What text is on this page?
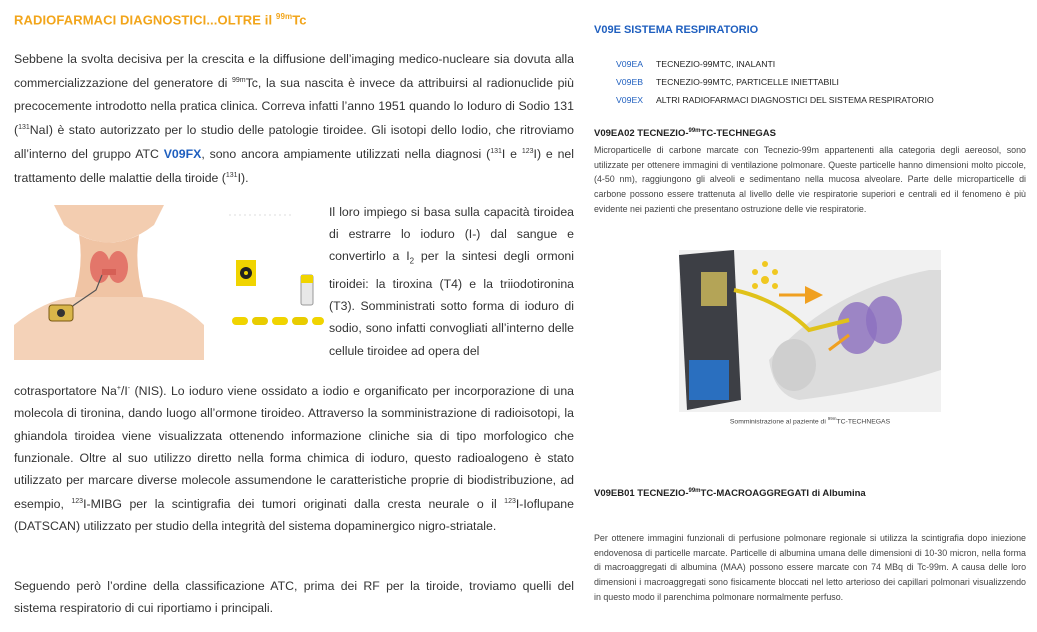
RADIOFARMACI DIAGNOSTICI...OLTRE il $^{99m}$Tc

Sebbene la svolta decisiva per la crescita e la diffusione dell’imaging medico-nucleare sia dovuta alla commercializzazione del generatore di $^{99m}$Tc, la sua nascita è invece da attribuirsi al radionuclide più precocemente introdotto nella pratica clinica. Correva infatti l’anno 1951 quando lo Ioduro di Sodio 131 ($^{131}$NaI) è stato autorizzato per lo studio delle patologie tiroidee. Gli isotopi dello Iodio, che ritroviamo all’interno del gruppo ATC V09FX, sono ancora ampiamente utilizzati nella diagnosi ($^{131}$I e $^{123}$I) e nel trattamento delle malattie della tiroide ($^{131}$I).

Il loro impiego si basa sulla capacità tiroidea di estrarre lo ioduro (I-) dal sangue e convertirlo a $I_2$ per la sintesi degli ormoni tiroidei: la tiroxina (T4) e la triiodotironina (T3). Somministrati sotto forma di ioduro di sodio, sono infatti convogliati all’interno delle cellule tiroidee ad opera del

cotrasportatore Na+/I- (NIS). Lo ioduro viene ossidato a iodio e organificato per incorporazione di una molecola di tironina, dando luogo all’ormone tiroideo. Attraverso la somministrazione di radioisotopi, la ghiandola tiroidea viene visualizzata ottenendo informazione cliniche sia di tipo morfologico che funzionale. Oltre al suo utilizzo diretto nella forma chimica di ioduro, questo radioalogeno è stato utilizzato per marcare diverse molecole assumendone le caratteristiche proprie di biodistribuzione, ad esempio, $^{123}$I-MIBG per la scintigrafia dei tumori originati dalla cresta neurale o il $^{123}$I-Ioflupane (DATSCAN) utilizzato per studio della integrità del sistema dopaminergico nigro-striatale.

Seguendo però l’ordine della classificazione ATC, prima dei RF per la tiroide, troviamo quelli del sistema respiratorio di cui riportiamo i principali.

V09E SISTEMA RESPIRATORIO
V09EA TECNEZIO-99MTC, INALANTI
V09EB TECNEZIO-99MTC, PARTICELLE INIETTABILI
V09EX ALTRI RADIOFARMACI DIAGNOSTICI DEL SISTEMA RESPIRATORIO
V09EA02 TECNEZIO-$^{99m}$TC-TECHNEGAS

Microparticelle di carbone marcate con Tecnezio-99m appartenenti alla categoria degli aereosol, sono utilizzate per ottenere immagini di ventilazione polmonare. Queste particelle hanno dimensioni molto piccole, (4-50 nm), raggiungono gli alveoli e sedimentano nella mucosa alveolare. Parte delle microparticelle di carbone possono essere trattenuta al livello delle vie respiratorie superiori e centrali ed il fenomeno è più evidente nei pazienti che presentano ostruzione delle vie respiratorie.

Somministrazione al paziente di $^{99m}$TC-TECHNEGAS
V09EB01 TECNEZIO-$^{99m}$TC-MACROAGGREGATI di Albumina

Per ottenere immagini funzionali di perfusione polmonare regionale si utilizza la scintigrafia dopo iniezione endovenosa di particelle marcate. Particelle di albumina umana delle dimensioni di 10-30 micron, nella forma di macroaggregati di albumina (MAA) possono essere marcate con 74 MBq di Tc-99m. A causa delle loro dimensioni i macroaggregati sono fisicamente bloccati nel letto arterioso dei capillari polmonari visualizzendo in questo modo il parenchima polmonare normalmente perfuso.
